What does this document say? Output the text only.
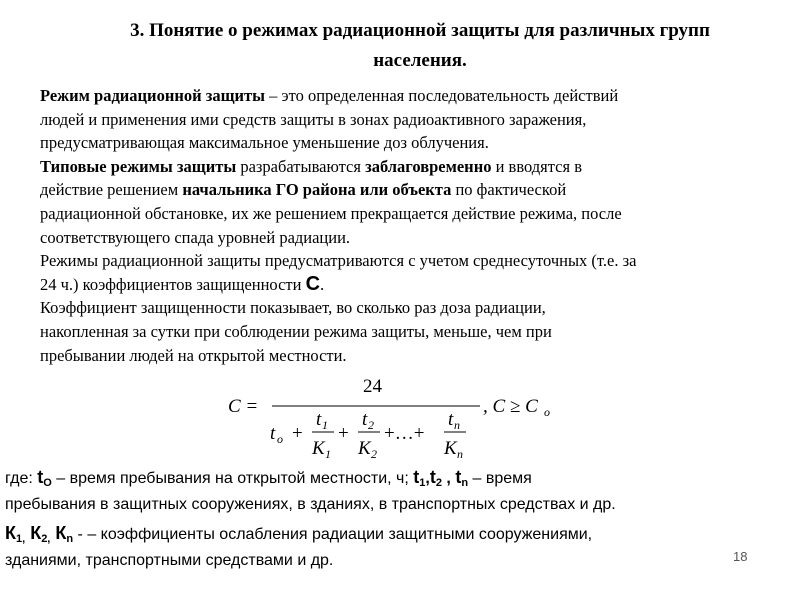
3. Понятие о режимах радиационной защиты для различных групп

населения.

Режим радиационной защиты – это определенная последовательность действий

людей и применения ими средств защиты в зонах радиоактивного заражения,

предусматривающая максимальное уменьшение доз облучения.

Типовые режимы защиты разрабатываются заблаговременно и вводятся в

действие решением начальника ГО района или объекта по фактической

радиационной обстановке, их же решением прекращается действие режима, после

соответствующего спада уровней радиации.

Режимы радиационной защиты предусматриваются с учетом среднесуточных (т.е. за

24 ч.) коэффициентов защищенности С.

Коэффициент защищенности показывает, во сколько раз доза радиации,

накопленная за сутки при соблюдении режима защиты, меньше, чем при

пребывании людей на открытой местности.

C =
24
t o +
t 1
K 1
+
t 2
K 2
+…+
t n
K n
, C ≥ C o

где: $t_O$ – время пребывания на открытой местности, ч; $t_1,t_2$ , $t_n$ – время

пребывания в защитных сооружениях, в зданиях, в транспортных средствах и др.

$К_{1,}$ $К_{2,}$ $К_n$ - – коэффициенты ослабления радиации защитными сооружениями,

зданиями, транспортными средствами и др.	18
